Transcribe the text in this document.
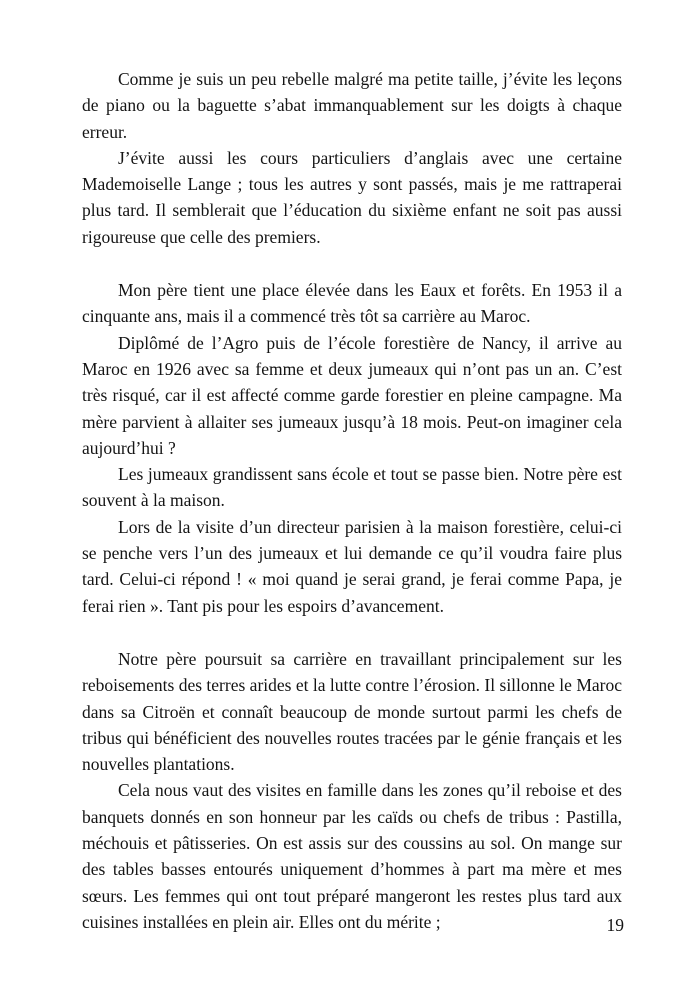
Comme je suis un peu rebelle malgré ma petite taille, j’évite les leçons de piano ou la baguette s’abat immanquablement sur les doigts à chaque erreur.

J’évite aussi les cours particuliers d’anglais avec une certaine Mademoiselle Lange ; tous les autres y sont passés, mais je me rattraperai plus tard. Il semblerait que l’éducation du sixième enfant ne soit pas aussi rigoureuse que celle des premiers.

Mon père tient une place élevée dans les Eaux et forêts. En 1953 il a cinquante ans, mais il a commencé très tôt sa carrière au Maroc.

Diplômé de l’Agro puis de l’école forestière de Nancy, il arrive au Maroc en 1926 avec sa femme et deux jumeaux qui n’ont pas un an. C’est très risqué, car il est affecté comme garde forestier en pleine campagne. Ma mère parvient à allaiter ses jumeaux jusqu’à 18 mois. Peut-on imaginer cela aujourd’hui ?

Les jumeaux grandissent sans école et tout se passe bien. Notre père est souvent à la maison.

Lors de la visite d’un directeur parisien à la maison forestière, celui-ci se penche vers l’un des jumeaux et lui demande ce qu’il voudra faire plus tard. Celui-ci répond ! « moi quand je serai grand, je ferai comme Papa, je ferai rien ». Tant pis pour les espoirs d’avancement.

Notre père poursuit sa carrière en travaillant principalement sur les reboisements des terres arides et la lutte contre l’érosion. Il sillonne le Maroc dans sa Citroën et connaît beaucoup de monde surtout parmi les chefs de tribus qui bénéficient des nouvelles routes tracées par le génie français et les nouvelles plantations.

Cela nous vaut des visites en famille dans les zones qu’il reboise et des banquets donnés en son honneur par les caïds ou chefs de tribus : Pastilla, méchouis et pâtisseries. On est assis sur des coussins au sol. On mange sur des tables basses entourés uniquement d’hommes à part ma mère et mes sœurs. Les femmes qui ont tout préparé mangeront les restes plus tard aux cuisines installées en plein air. Elles ont du mérite ;	19
